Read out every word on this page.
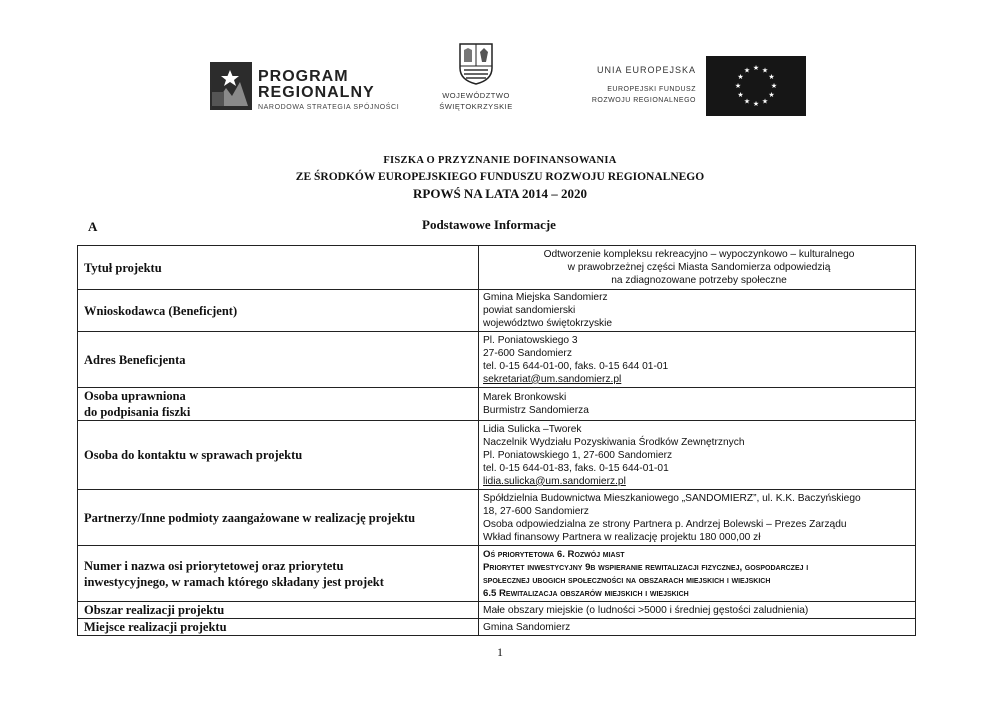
PROGRAM
REGIONALNY
NARODOWA STRATEGIA SPÓJNOŚCI
WOJEWÓDZTWO
ŚWIĘTOKRZYSKIE
UNIA EUROPEJSKA
EUROPEJSKI FUNDUSZ
ROZWOJU REGIONALNEGO
★ ★
★
★
★
★
★
★
★
★
★
★
FISZKA O PRZYZNANIE DOFINANSOWANIA
ZE ŚRODKÓW EUROPEJSKIEGO FUNDUSZU ROZWOJU REGIONALNEGO
RPOWŚ NA LATA 2014 – 2020
A	Podstawowe Informacje
Tytuł projektu	Odtworzenie kompleksu rekreacyjno – wypoczynkowo – kulturalnego
w prawobrzeżnej części Miasta Sandomierza odpowiedzią
na zdiagnozowane potrzeby społeczne

Wnioskodawca (Beneficjent)	Gmina Miejska Sandomierz
powiat sandomierski
województwo świętokrzyskie

Adres Beneficjenta	Pl. Poniatowskiego 3
27-600 Sandomierz
tel. 0-15 644-01-00, faks. 0-15 644 01-01
sekretariat@um.sandomierz.pl

Osoba uprawniona
do podpisania fiszki	Marek Bronkowski
Burmistrz Sandomierza

Osoba do kontaktu w sprawach projektu	Lidia Sulicka –Tworek
Naczelnik Wydziału Pozyskiwania Środków Zewnętrznych
Pl. Poniatowskiego 1, 27-600 Sandomierz
tel. 0-15 644-01-83, faks. 0-15 644-01-01
lidia.sulicka@um.sandomierz.pl

Partnerzy/Inne podmioty zaangażowane w realizację projektu	Spółdzielnia Budownictwa Mieszkaniowego „SANDOMIERZ”, ul. K.K. Baczyńskiego
18, 27-600 Sandomierz
Osoba odpowiedzialna ze strony Partnera p. Andrzej Bolewski – Prezes Zarządu
Wkład finansowy Partnera w realizację projektu 180 000,00 zł

Numer i nazwa osi priorytetowej oraz priorytetu
inwestycyjnego, w ramach którego składany jest projekt	Oś priorytetowa 6. Rozwój miast
Priorytet inwestycyjny 9b wspieranie rewitalizacji fizycznej, gospodarczej i
społecznej ubogich społeczności na obszarach miejskich i wiejskich
6.5 Rewitalizacja obszarów miejskich i wiejskich

Obszar realizacji projektu	Małe obszary miejskie (o ludności >5000 i średniej gęstości zaludnienia)

Miejsce realizacji projektu	Gmina Sandomierz
1
